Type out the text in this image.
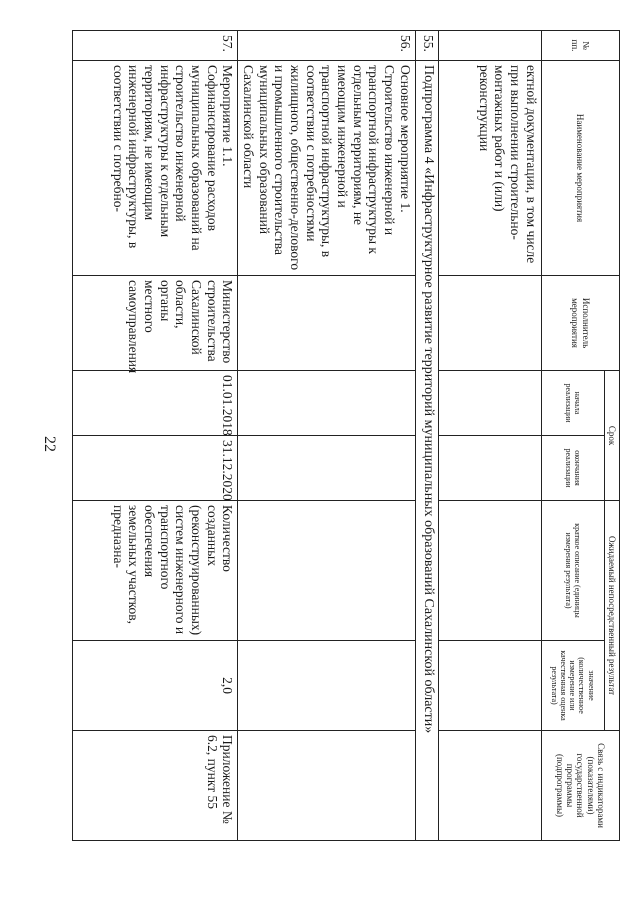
22
№ пп.	Наименование мероприятия	Исполнитель мероприятия	Срок		Ожидаемый непосредственный результат		Связь с индикаторами (показателями) государственной программы (подпрограммы)
			начала реализации	окончания реализации	краткое описание (единицы измерения результата)	значение (количественное измерение или качественная оценка результата)	
	ектной документации, в том числе при выполнении строительно-монтажных работ и (или) реконструкции						
55.	Подпрограмма 4 «Инфраструктурное развитие территорий муниципальных образований Сахалинской области»						
56.	Основное мероприятие 1. Строительство инженерной и транспортной инфраструктуры к отдельным территориям, не имеющим инженерной и транспортной инфраструктуры, в соответствии с потребностями жилищного, общественно-делового и промышленного строительства муниципальных образований Сахалинской области						
57.	Мероприятие 1.1. Софинансирование расходов муниципальных образований на строительство инженерной инфраструктуры к отдельным территориям, не имеющим инженерной инфраструктуры, в соответствии с потребно-	Министерство строительства Сахалинской области, органы местного самоуправления	01.01.2018	31.12.2020	Количество созданных (реконструированных) систем инженерного и транспортного обеспечения земельных участков, предназна-	2,0	Приложение № 6.2, пункт 55
